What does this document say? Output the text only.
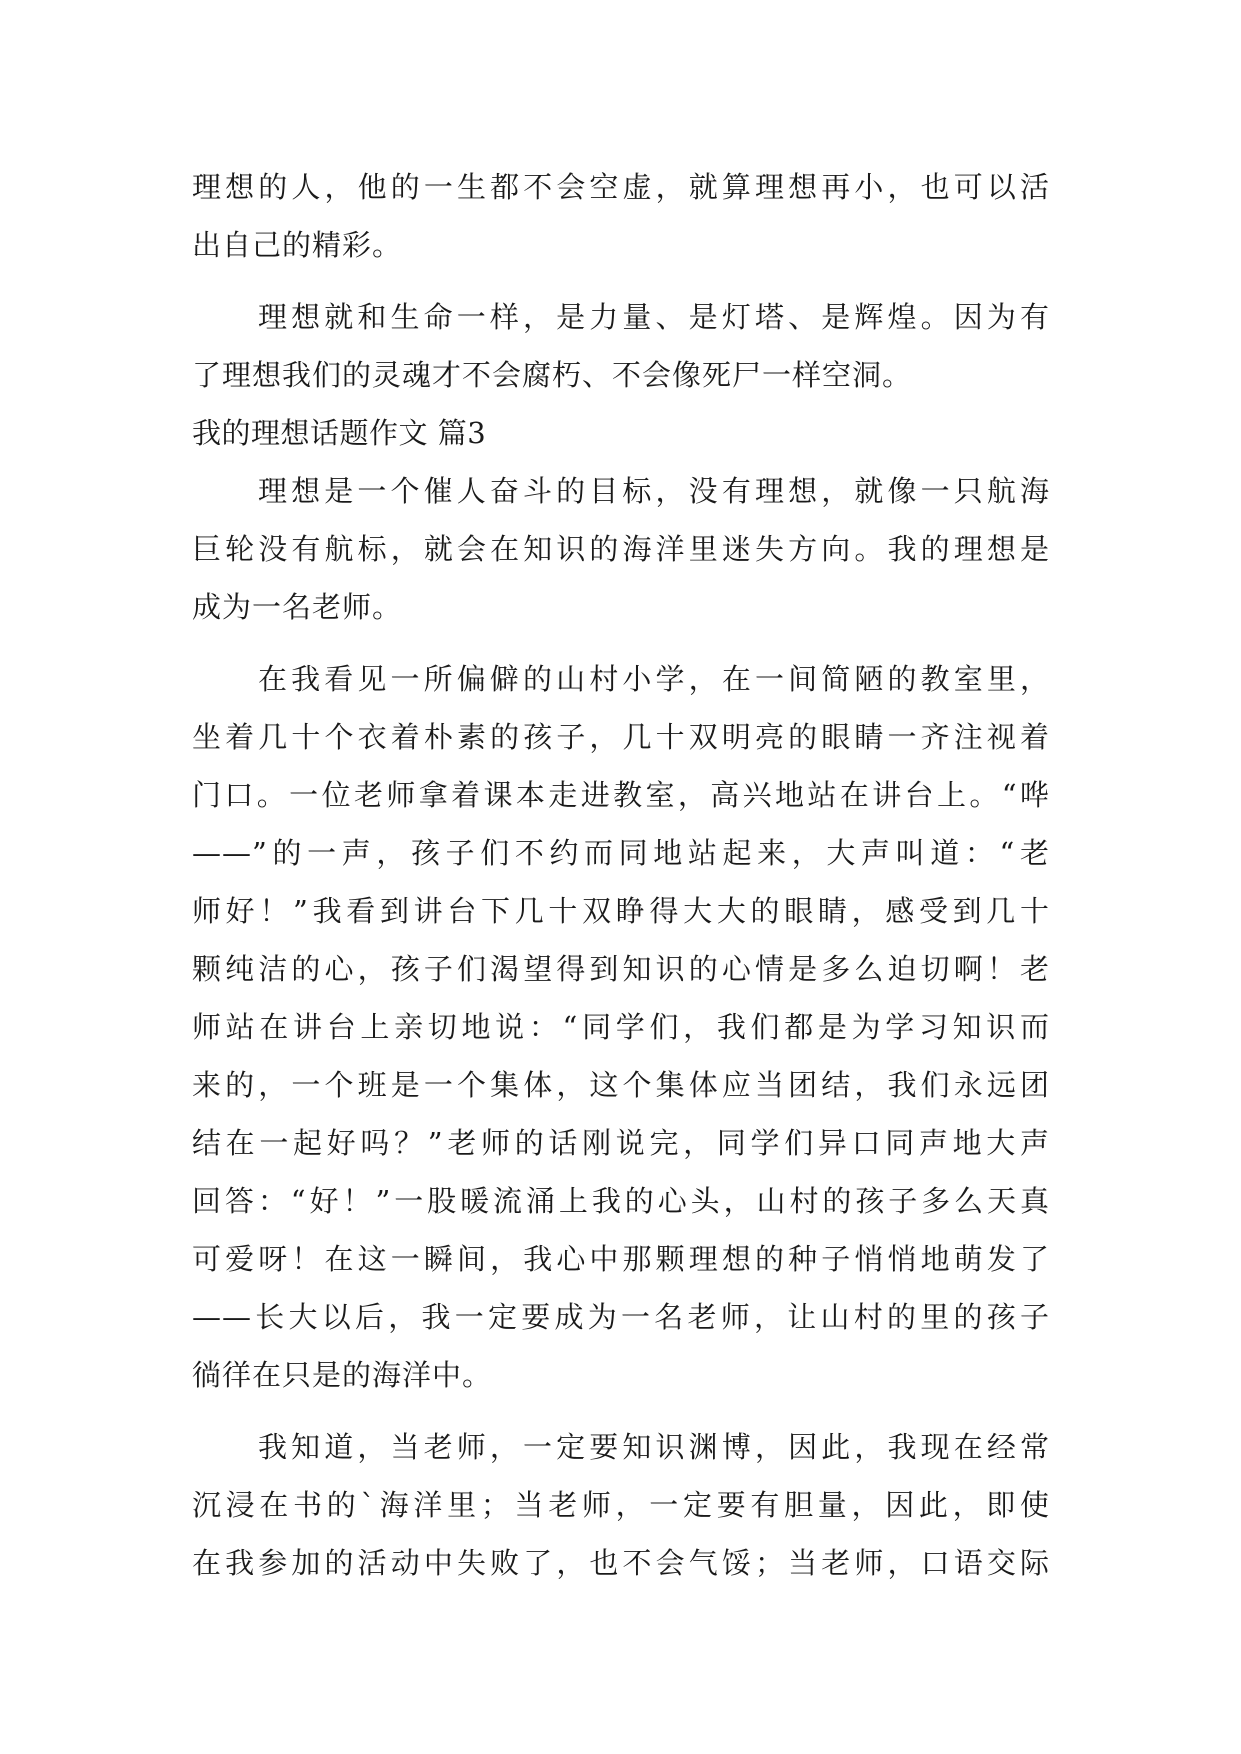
理想的人，他的一生都不会空虚，就算理想再小，也可以活
出自己的精彩。
理想就和生命一样，是力量、是灯塔、是辉煌。因为有
了理想我们的灵魂才不会腐朽、不会像死尸一样空洞。
我的理想话题作文 篇3
理想是一个催人奋斗的目标，没有理想，就像一只航海
巨轮没有航标，就会在知识的海洋里迷失方向。我的理想是
成为一名老师。
在我看见一所偏僻的山村小学，在一间简陋的教室里，
坐着几十个衣着朴素的孩子，几十双明亮的眼睛一齐注视着
门口。一位老师拿着课本走进教室，高兴地站在讲台上。“哗
——”的一声，孩子们不约而同地站起来，大声叫道：“老
师好！”我看到讲台下几十双睁得大大的眼睛，感受到几十
颗纯洁的心，孩子们渴望得到知识的心情是多么迫切啊！老
师站在讲台上亲切地说：“同学们，我们都是为学习知识而
来的，一个班是一个集体，这个集体应当团结，我们永远团
结在一起好吗？”老师的话刚说完，同学们异口同声地大声
回答：“好！”一股暖流涌上我的心头，山村的孩子多么天真
可爱呀！在这一瞬间，我心中那颗理想的种子悄悄地萌发了
——长大以后，我一定要成为一名老师，让山村的里的孩子
徜徉在只是的海洋中。
我知道，当老师，一定要知识渊博，因此，我现在经常
沉浸在书的`海洋里；当老师，一定要有胆量，因此，即使
在我参加的活动中失败了，也不会气馁；当老师，口语交际
